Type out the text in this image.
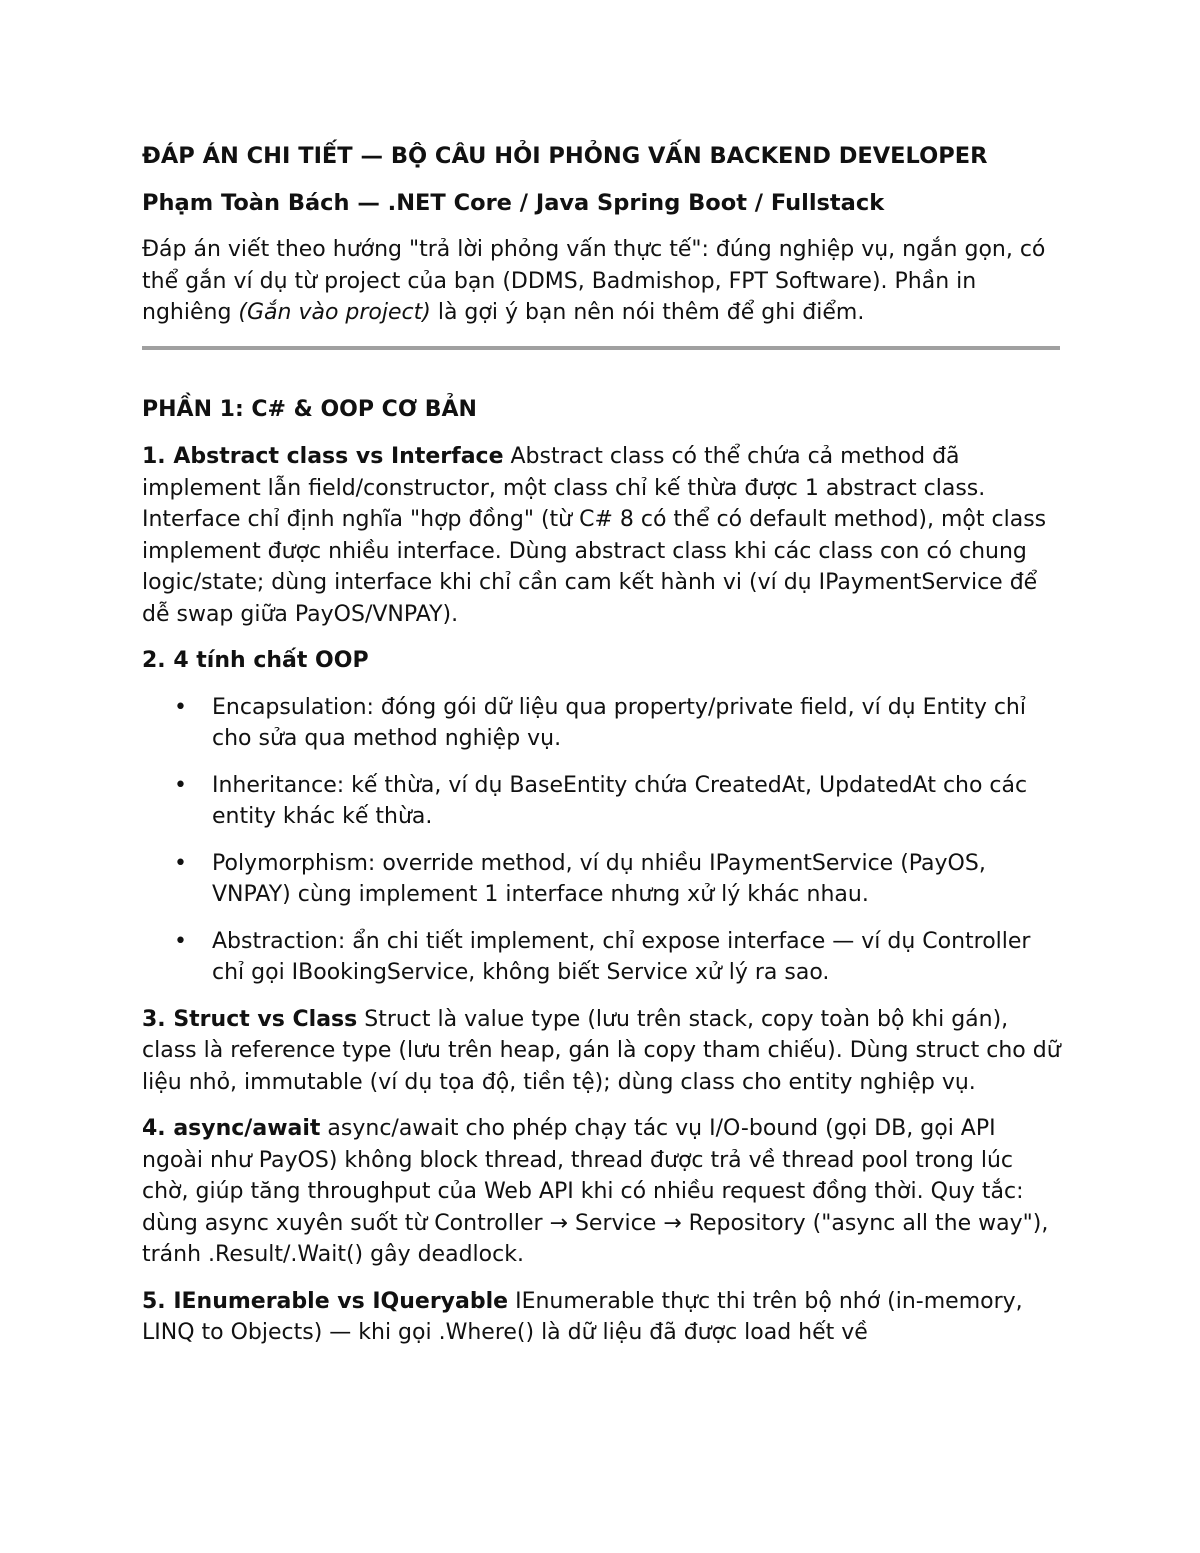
ĐÁP ÁN CHI TIẾT — BỘ CÂU HỎI PHỎNG VẤN BACKEND DEVELOPER
Phạm Toàn Bách — .NET Core / Java Spring Boot / Fullstack

Đáp án viết theo hướng "trả lời phỏng vấn thực tế": đúng nghiệp vụ, ngắn gọn, có thể gắn ví dụ từ project của bạn (DDMS, Badmishop, FPT Software). Phần in nghiêng (Gắn vào project) là gợi ý bạn nên nói thêm để ghi điểm.

PHẦN 1: C# & OOP CƠ BẢN

1. Abstract class vs Interface Abstract class có thể chứa cả method đã implement lẫn field/constructor, một class chỉ kế thừa được 1 abstract class. Interface chỉ định nghĩa "hợp đồng" (từ C# 8 có thể có default method), một class implement được nhiều interface. Dùng abstract class khi các class con có chung logic/state; dùng interface khi chỉ cần cam kết hành vi (ví dụ IPaymentService để dễ swap giữa PayOS/VNPAY).

2. 4 tính chất OOP

• Encapsulation: đóng gói dữ liệu qua property/private field, ví dụ Entity chỉ cho sửa qua method nghiệp vụ.
• Inheritance: kế thừa, ví dụ BaseEntity chứa CreatedAt, UpdatedAt cho các entity khác kế thừa.
• Polymorphism: override method, ví dụ nhiều IPaymentService (PayOS, VNPAY) cùng implement 1 interface nhưng xử lý khác nhau.
• Abstraction: ẩn chi tiết implement, chỉ expose interface — ví dụ Controller chỉ gọi IBookingService, không biết Service xử lý ra sao.

3. Struct vs Class Struct là value type (lưu trên stack, copy toàn bộ khi gán), class là reference type (lưu trên heap, gán là copy tham chiếu). Dùng struct cho dữ liệu nhỏ, immutable (ví dụ tọa độ, tiền tệ); dùng class cho entity nghiệp vụ.

4. async/await async/await cho phép chạy tác vụ I/O-bound (gọi DB, gọi API ngoài như PayOS) không block thread, thread được trả về thread pool trong lúc chờ, giúp tăng throughput của Web API khi có nhiều request đồng thời. Quy tắc: dùng async xuyên suốt từ Controller → Service → Repository ("async all the way"), tránh .Result/.Wait() gây deadlock.

5. IEnumerable vs IQueryable IEnumerable thực thi trên bộ nhớ (in-memory, LINQ to Objects) — khi gọi .Where() là dữ liệu đã được load hết về
